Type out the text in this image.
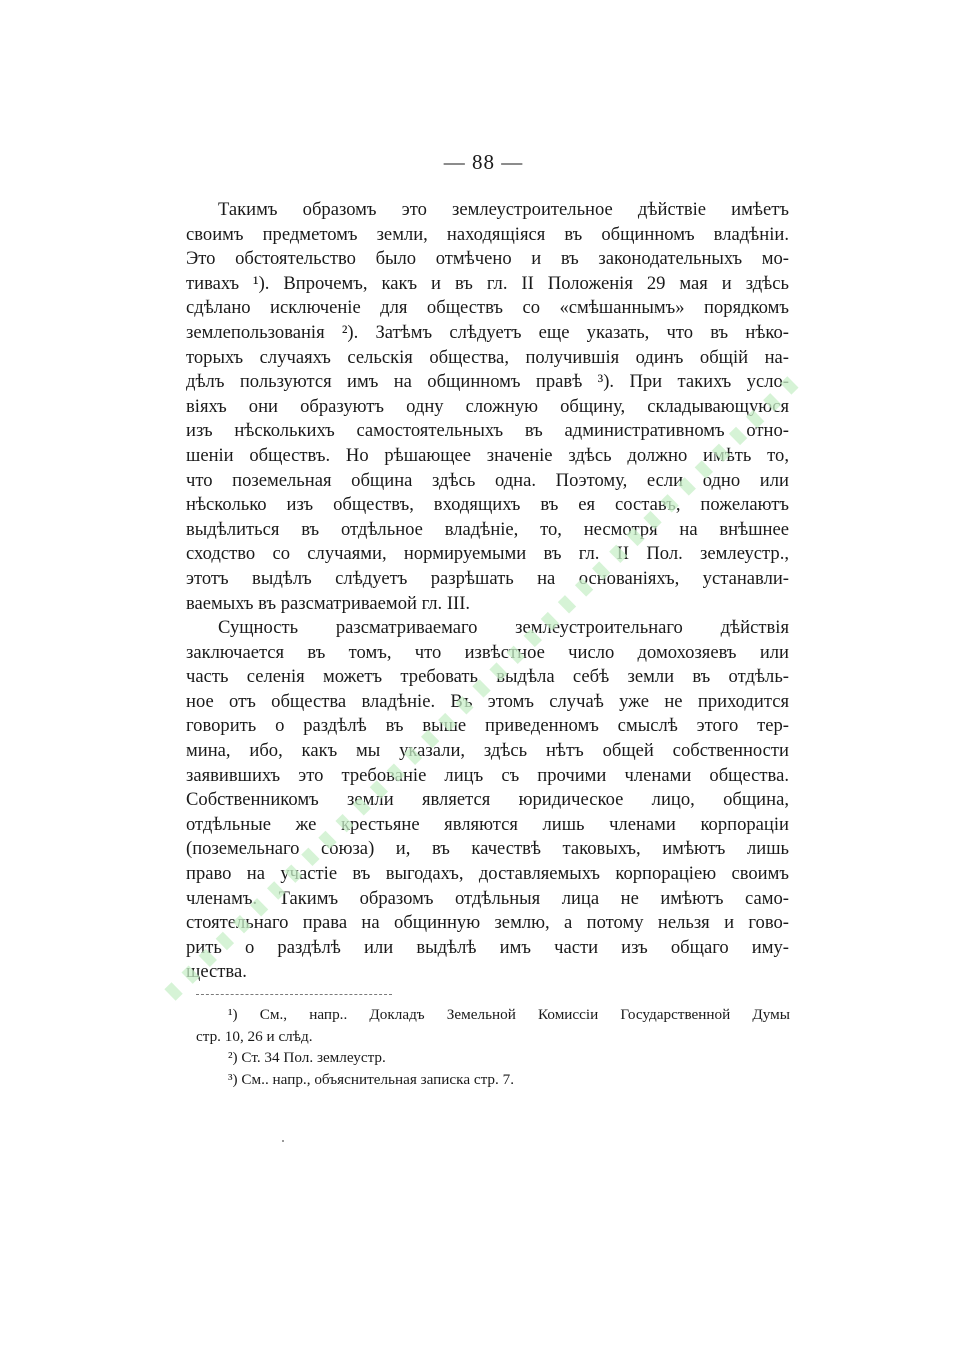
— 88 —
Такимъ образомъ это землеустроительное дѣйствіе имѣетъ
своимъ предметомъ земли, находящіяся въ общинномъ владѣніи.
Это обстоятельство было отмѣчено и въ законодательныхъ мо-
тивахъ ¹). Впрочемъ, какъ и въ гл. II Положенія 29 мая и здѣсь
сдѣлано исключеніе для обществъ со «смѣшаннымъ» порядкомъ
землепользованія ²). Затѣмъ слѣдуетъ еще указать, что въ нѣко-
торыхъ случаяхъ сельскія общества, получившія одинъ общій на-
дѣлъ пользуются имъ на общинномъ правѣ ³). При такихъ усло-
віяхъ они образуютъ одну сложную общину, складывающуюся
изъ нѣсколькихъ самостоятельныхъ въ административномъ отно-
шеніи обществъ. Но рѣшающее значеніе здѣсь должно имѣть то,
что поземельная община здѣсь одна. Поэтому, если одно или
нѣсколько изъ обществъ, входящихъ въ ея составъ, пожелаютъ
выдѣлиться въ отдѣльное владѣніе, то, несмотря на внѣшнее
сходство со случаями, нормируемыми въ гл. II Пол. землеустр.,
этотъ выдѣлъ слѣдуетъ разрѣшать на основаніяхъ, устанавли-
ваемыхъ въ разсматриваемой гл. III.
Сущность разсматриваемаго землеустроительнаго дѣйствія
заключается въ томъ, что извѣстное число домохозяевъ или
часть селенія можетъ требовать выдѣла себѣ земли въ отдѣль-
ное отъ общества владѣніе. Въ этомъ случаѣ уже не приходится
говорить о раздѣлѣ въ выше приведенномъ смыслѣ этого тер-
мина, ибо, какъ мы указали, здѣсь нѣтъ общей собственности
заявившихъ это требованіе лицъ съ прочими членами общества.
Собственникомъ земли является юридическое лицо, община,
отдѣльные же крестьяне являются лишь членами корпораціи
(поземельнаго союза) и, въ качествѣ таковыхъ, имѣютъ лишь
право на участіе въ выгодахъ, доставляемыхъ корпораціею своимъ
членамъ. Такимъ образомъ отдѣльныя лица не имѣютъ само-
стоятельнаго права на общинную землю, а потому нельзя и гово-
рить о раздѣлѣ или выдѣлѣ имъ части изъ общаго иму-
щества.
¹) См., напр.. Докладъ Земельной Комиссіи Государственной Думы
стр. 10, 26 и слѣд.
²) Ст. 34 Пол. землеустр.
³) См.. напр., объяснительная записка стр. 7.
